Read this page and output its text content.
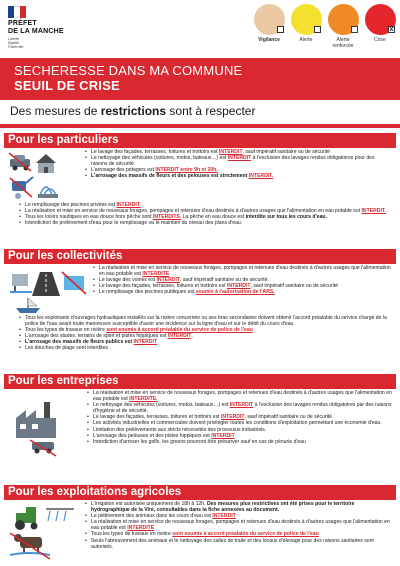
PRÉFET
DE LA MANCHE
Liberté
Égalité
Fraternité
Vigilance	Alerte	Alerte renforcée
x
Crise
SECHERESSE DANS MA COMMUNE
SEUIL DE CRISE
Des mesures de restrictions sont à respecter
Pour les particuliers
• Le lavage des façades, terrasses, toitures et trottoirs est INTERDIT, sauf impératif sanitaire ou de sécurité
• Le nettoyage des véhicules (voitures, motos, bateaux…) est INTERDIT à l'exclusion des lavages rendus obligatoires pour des raisons de sécurité
• L'arrosage des potagers est INTERDIT entre 9h et 20h.
• L'arrosage des massifs de fleurs et des pelouses est strictement INTERDIT.
• Le remplissage des piscines privées est INTERDIT.
• La réalisation et mise en service de nouveaux forages, pompages et retenues d'eau destinés à d'autres usages que l'alimentation en eau potable est INTERDIT.
• Tous les loisirs nautiques en eau douce hors pêche sont INTERDITS. La pêche en eau douce est interdite sur tous les cours d'eau.
• Intendiction de prélèvement d'eau pour le remplissage ou le maintien du niveau des plans d'eau.
Pour les collectivités
• La réalisation et mise en service de nouveaux forages, pompages et retenues d'eau destinés à d'autres usages que l'alimentation en eau potable est INTERDITE
• Le lavage des voiries est INTERDIT, sauf impératif sanitaire ou de sécurité.
• Le lavage des façades, terrasses, toitures et trottoirs est INTERDIT, sauf impératif sanitaire ou de sécurité
• Le remplissage des piscines publiques est soumis à l'autorisation de l'ARS.
• Tous les exploitants d'ouvrages hydrauliques installés sur la rivière concernée ou ses bras secondaires doivent obtenir l'accord préalable du service chargé de la police de l'eau avant toute manoeuvre susceptible d'avoir une incidence sur la ligne d'eau et sur le débit du cours d'eau.
• Tous les types de travaux en rivière sont soumis à accord préalable du service de police de l'eau
• L'arrosage des stades, terrains de sport et pistes hippiques est INTERDIT.
• L'arrosage des massifs de fleurs publics est INTERDIT
• Les douches de plage sont interdites
Pour les entreprises
• La réalisation et mise en service de nouveaux forages, pompages et retenues d'eau destinés à d'autres usages que l'alimentation en eau potable est INTERDITE.
• Le nettoyage des véhicules (voitures, motos, bateaux…) est INTERDIT à l'exclusion des lavages rendus obligatoires par des raisons d'hygiène et de sécurité.
• Le lavage des façades, terrasses, toitures et trottoirs est INTERDIT, sauf impératif sanitaire ou de sécurité.
• Les activités industrielles et commerciales doivent privilégier toutes les conditions d'exploitation permettant une économie d'eau.
• Limitation des prélèvements aux stricts nécessités des processus industriels.
• L'arrosage des pelouses et des pistes hippiques est INTERDIT.
• Interdiction d'arroser les golfs, les greens pourront être préserver sauf en cas de pénurie d'eau
Pour les exploitations agricoles
• L'irrigation est autorisée uniquement de 18h à 12h. Des mesures plus restrictives ont été prises pour le territoire hydrographique de la Vire, consultables dans la fiche annexées au document.
• Le piétinement des animaux dans les cours d'eau est INTERDIT
• La réalisation et mise en service de nouveaux forages, pompages et retenues d'eau destinés à d'autres usages que l'alimentation en eau potable est INTERDITE
• Tous les types de travaux en rivière sont soumis à accord préalable du service de police de l'eau
• Seuls l'abreuvement des animaux et le nettoyage des salles de traite et des locaux d'élevage pour des raisons sanitaires sont autorisés.
